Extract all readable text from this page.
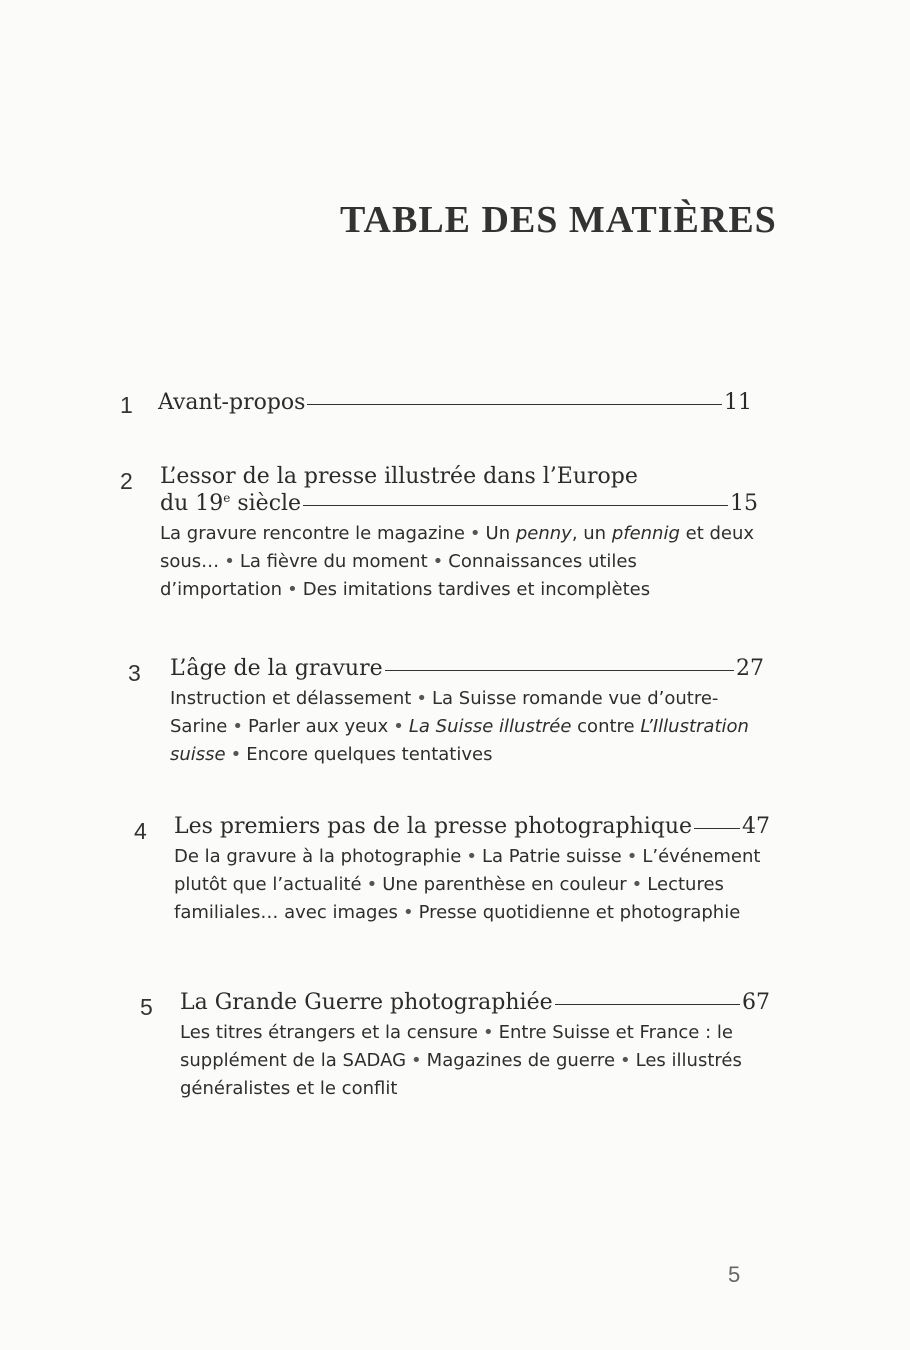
TABLE DES MATIÈRES
1 Avant-propos	11
2 L’essor de la presse illustrée dans l’Europe
du 19e siècle	15
La gravure rencontre le magazine • Un penny, un pfennig et deux sous… • La fièvre du moment • Connaissances utiles d’importation • Des imitations tardives et incomplètes
3 L’âge de la gravure	27
Instruction et délassement • La Suisse romande vue d’outre-Sarine • Parler aux yeux • La Suisse illustrée contre L’Illustration suisse • Encore quelques tentatives
4 Les premiers pas de la presse photographique 47
De la gravure à la photographie • La Patrie suisse • L’événement plutôt que l’actualité • Une parenthèse en couleur • Lectures familiales… avec images • Presse quotidienne et photographie
5 La Grande Guerre photographiée	67
Les titres étrangers et la censure • Entre Suisse et France : le supplément de la SADAG • Magazines de guerre • Les illustrés généralistes et le conflit
5
